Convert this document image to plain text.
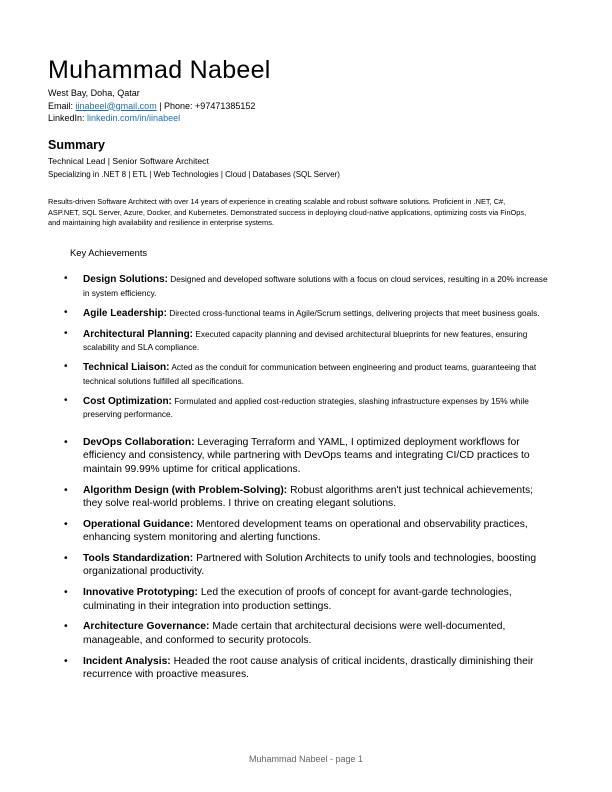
Muhammad Nabeel
West Bay, Doha, Qatar
Email: iinabeel@gmail.com | Phone: +97471385152
LinkedIn: linkedin.com/in/iinabeel
Summary
Technical Lead | Senior Software Architect
Specializing in .NET 8 | ETL | Web Technologies | Cloud | Databases (SQL Server)
Results-driven Software Architect with over 14 years of experience in creating scalable and robust software solutions. Proficient in .NET, C#, ASP.NET, SQL Server, Azure, Docker, and Kubernetes. Demonstrated success in deploying cloud-native applications, optimizing costs via FinOps, and maintaining high availability and resilience in enterprise systems.
Key Achievements
• Design Solutions: Designed and developed software solutions with a focus on cloud services, resulting in a 20% increase in system efficiency.
• Agile Leadership: Directed cross-functional teams in Agile/Scrum settings, delivering projects that meet business goals.
• Architectural Planning: Executed capacity planning and devised architectural blueprints for new features, ensuring scalability and SLA compliance.
• Technical Liaison: Acted as the conduit for communication between engineering and product teams, guaranteeing that technical solutions fulfilled all specifications.
• Cost Optimization: Formulated and applied cost-reduction strategies, slashing infrastructure expenses by 15% while preserving performance.
• DevOps Collaboration: Leveraging Terraform and YAML, I optimized deployment workflows for efficiency and consistency, while partnering with DevOps teams and integrating CI/CD practices to maintain 99.99% uptime for critical applications.
• Algorithm Design (with Problem-Solving): Robust algorithms aren't just technical achievements; they solve real-world problems. I thrive on creating elegant solutions.
• Operational Guidance: Mentored development teams on operational and observability practices, enhancing system monitoring and alerting functions.
• Tools Standardization: Partnered with Solution Architects to unify tools and technologies, boosting organizational productivity.
• Innovative Prototyping: Led the execution of proofs of concept for avant-garde technologies, culminating in their integration into production settings.
• Architecture Governance: Made certain that architectural decisions were well-documented, manageable, and conformed to security protocols.
• Incident Analysis: Headed the root cause analysis of critical incidents, drastically diminishing their recurrence with proactive measures.
Muhammad Nabeel - page 1
